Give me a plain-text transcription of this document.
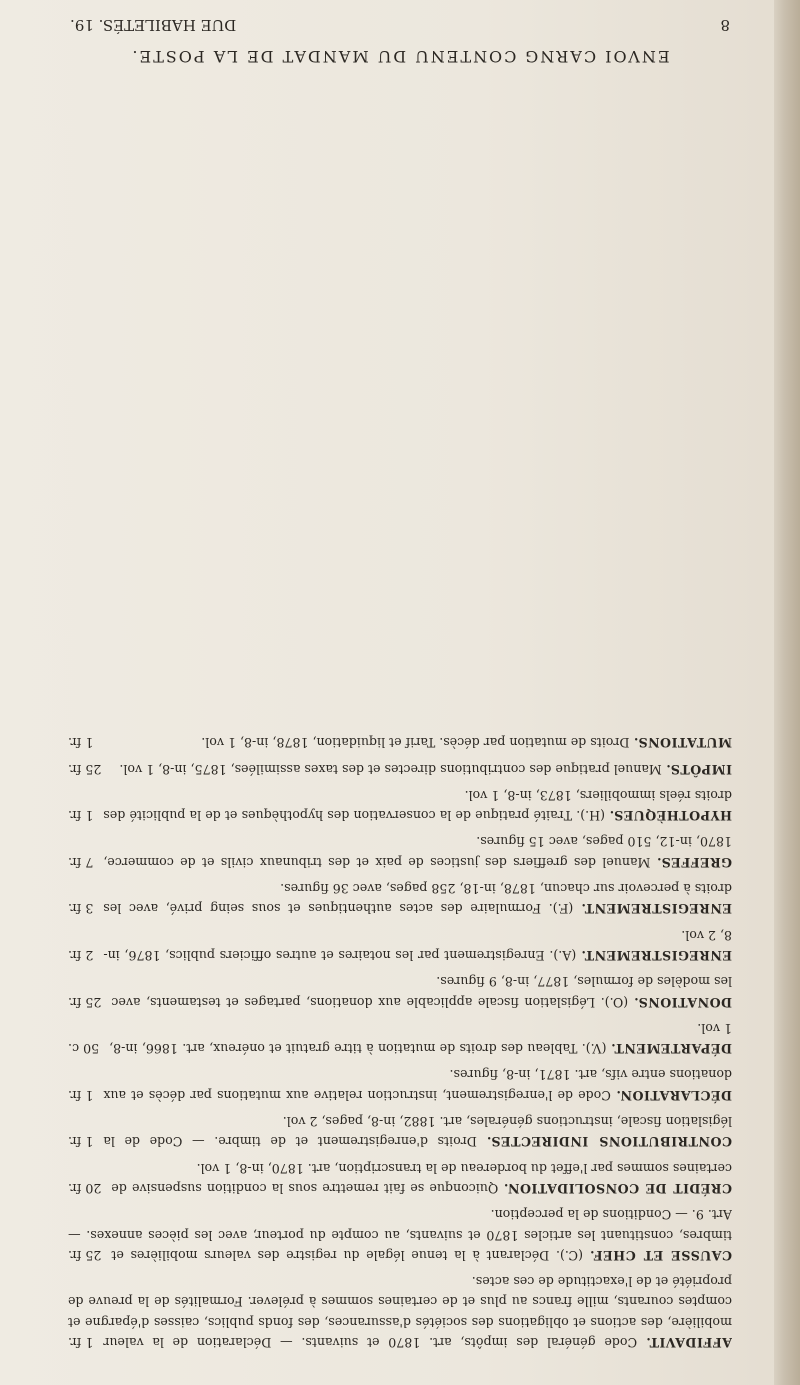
1 fr.	AFFIDAVIT. Code général des impôts, art. 1870 et suivants. — Déclaration de la valeur mobilière, des actions et obligations des sociétés d'assurances, des fonds publics, caisses d'épargne et comptes courants, mille francs au plus et de certaines sommes à prélever. Formalités de la preuve de propriété et de l'exactitude de ces actes.

25 fr.	CAUSSE ET CHEF. (C.). Déclarant à la tenue légale du registre des valeurs mobilières et timbres, constituant les articles 1870 et suivants, au compte du porteur, avec les pièces annexes. — Art. 9. — Conditions de la perception.

20 fr.	CRÉDIT DE CONSOLIDATION. Quiconque se fait remettre sous la condition suspensive de certaines sommes par l'effet du bordereau de la transcription, art. 1870, in-8, 1 vol.

1 fr.	CONTRIBUTIONS INDIRECTES. Droits d'enregistrement et de timbre. — Code de la législation fiscale, instructions générales, art. 1882, in-8, pages, 2 vol.

1 fr.	DÉCLARATION. Code de l'enregistrement, instruction relative aux mutations par décès et aux donations entre vifs, art. 1871, in-8, figures.

50 c.	DÉPARTEMENT. (V.). Tableau des droits de mutation à titre gratuit et onéreux, art. 1866, in-8, 1 vol.

25 fr.	DONATIONS. (O.). Législation fiscale applicable aux donations, partages et testaments, avec les modèles de formules, 1877, in-8, 9 figures.

2 fr.	ENREGISTREMENT. (A.). Enregistrement par les notaires et autres officiers publics, 1876, in-8, 2 vol.

3 fr.	ENREGISTREMENT. (F.). Formulaire des actes authentiques et sous seing privé, avec les droits à percevoir sur chacun, 1878, in-18, 258 pages, avec 36 figures.

7 fr.	GREFFES. Manuel des greffiers des justices de paix et des tribunaux civils et de commerce, 1870, in-12, 510 pages, avec 15 figures.

1 fr.	HYPOTHÈQUES. (H.). Traité pratique de la conservation des hypothèques et de la publicité des droits réels immobiliers, 1873, in-8, 1 vol.

25 fr.	IMPÔTS. Manuel pratique des contributions directes et des taxes assimilées, 1875, in-8, 1 vol.

1 fr.	MUTATIONS. Droits de mutation par décès. Tarif et liquidation, 1878, in-8, 1 vol.

ENVOI CARNG CONTENU DU MANDAT DE LA POSTE.
8
DUE HABILETÉS. 19.
